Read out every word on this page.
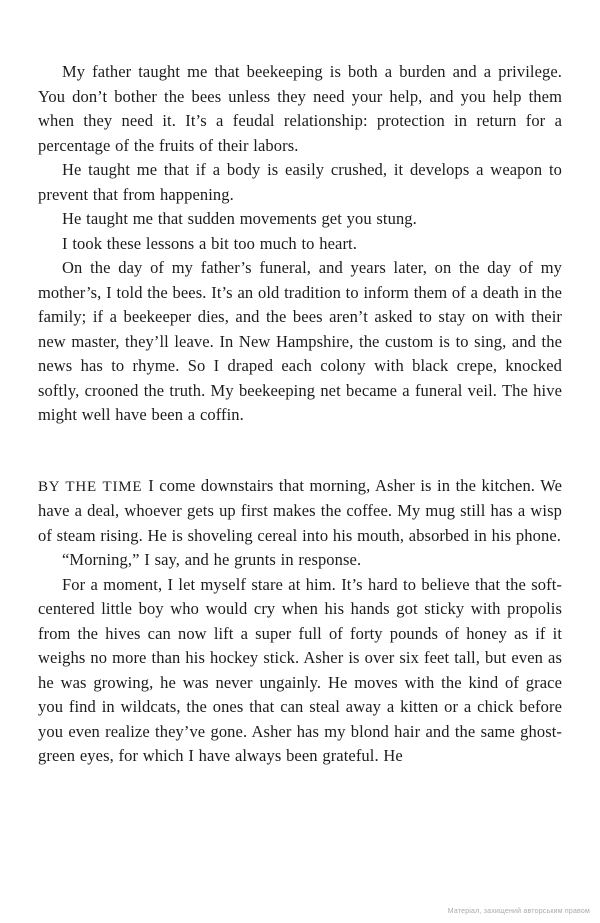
My father taught me that beekeeping is both a burden and a privilege. You don’t bother the bees unless they need your help, and you help them when they need it. It’s a feudal relationship: protection in return for a percentage of the fruits of their labors.

He taught me that if a body is easily crushed, it develops a weapon to prevent that from happening.

He taught me that sudden movements get you stung.

I took these lessons a bit too much to heart.

On the day of my father’s funeral, and years later, on the day of my mother’s, I told the bees. It’s an old tradition to inform them of a death in the family; if a beekeeper dies, and the bees aren’t asked to stay on with their new master, they’ll leave. In New Hampshire, the custom is to sing, and the news has to rhyme. So I draped each colony with black crepe, knocked softly, crooned the truth. My beekeeping net became a funeral veil. The hive might well have been a coffin.

BY THE TIME I come downstairs that morning, Asher is in the kitchen. We have a deal, whoever gets up first makes the coffee. My mug still has a wisp of steam rising. He is shoveling cereal into his mouth, absorbed in his phone.

“Morning,” I say, and he grunts in response.

For a moment, I let myself stare at him. It’s hard to believe that the soft-centered little boy who would cry when his hands got sticky with propolis from the hives can now lift a super full of forty pounds of honey as if it weighs no more than his hockey stick. Asher is over six feet tall, but even as he was growing, he was never ungainly. He moves with the kind of grace you find in wildcats, the ones that can steal away a kitten or a chick before you even realize they’ve gone. Asher has my blond hair and the same ghost-green eyes, for which I have always been grateful. He

Матеріал, захищений авторським правом
